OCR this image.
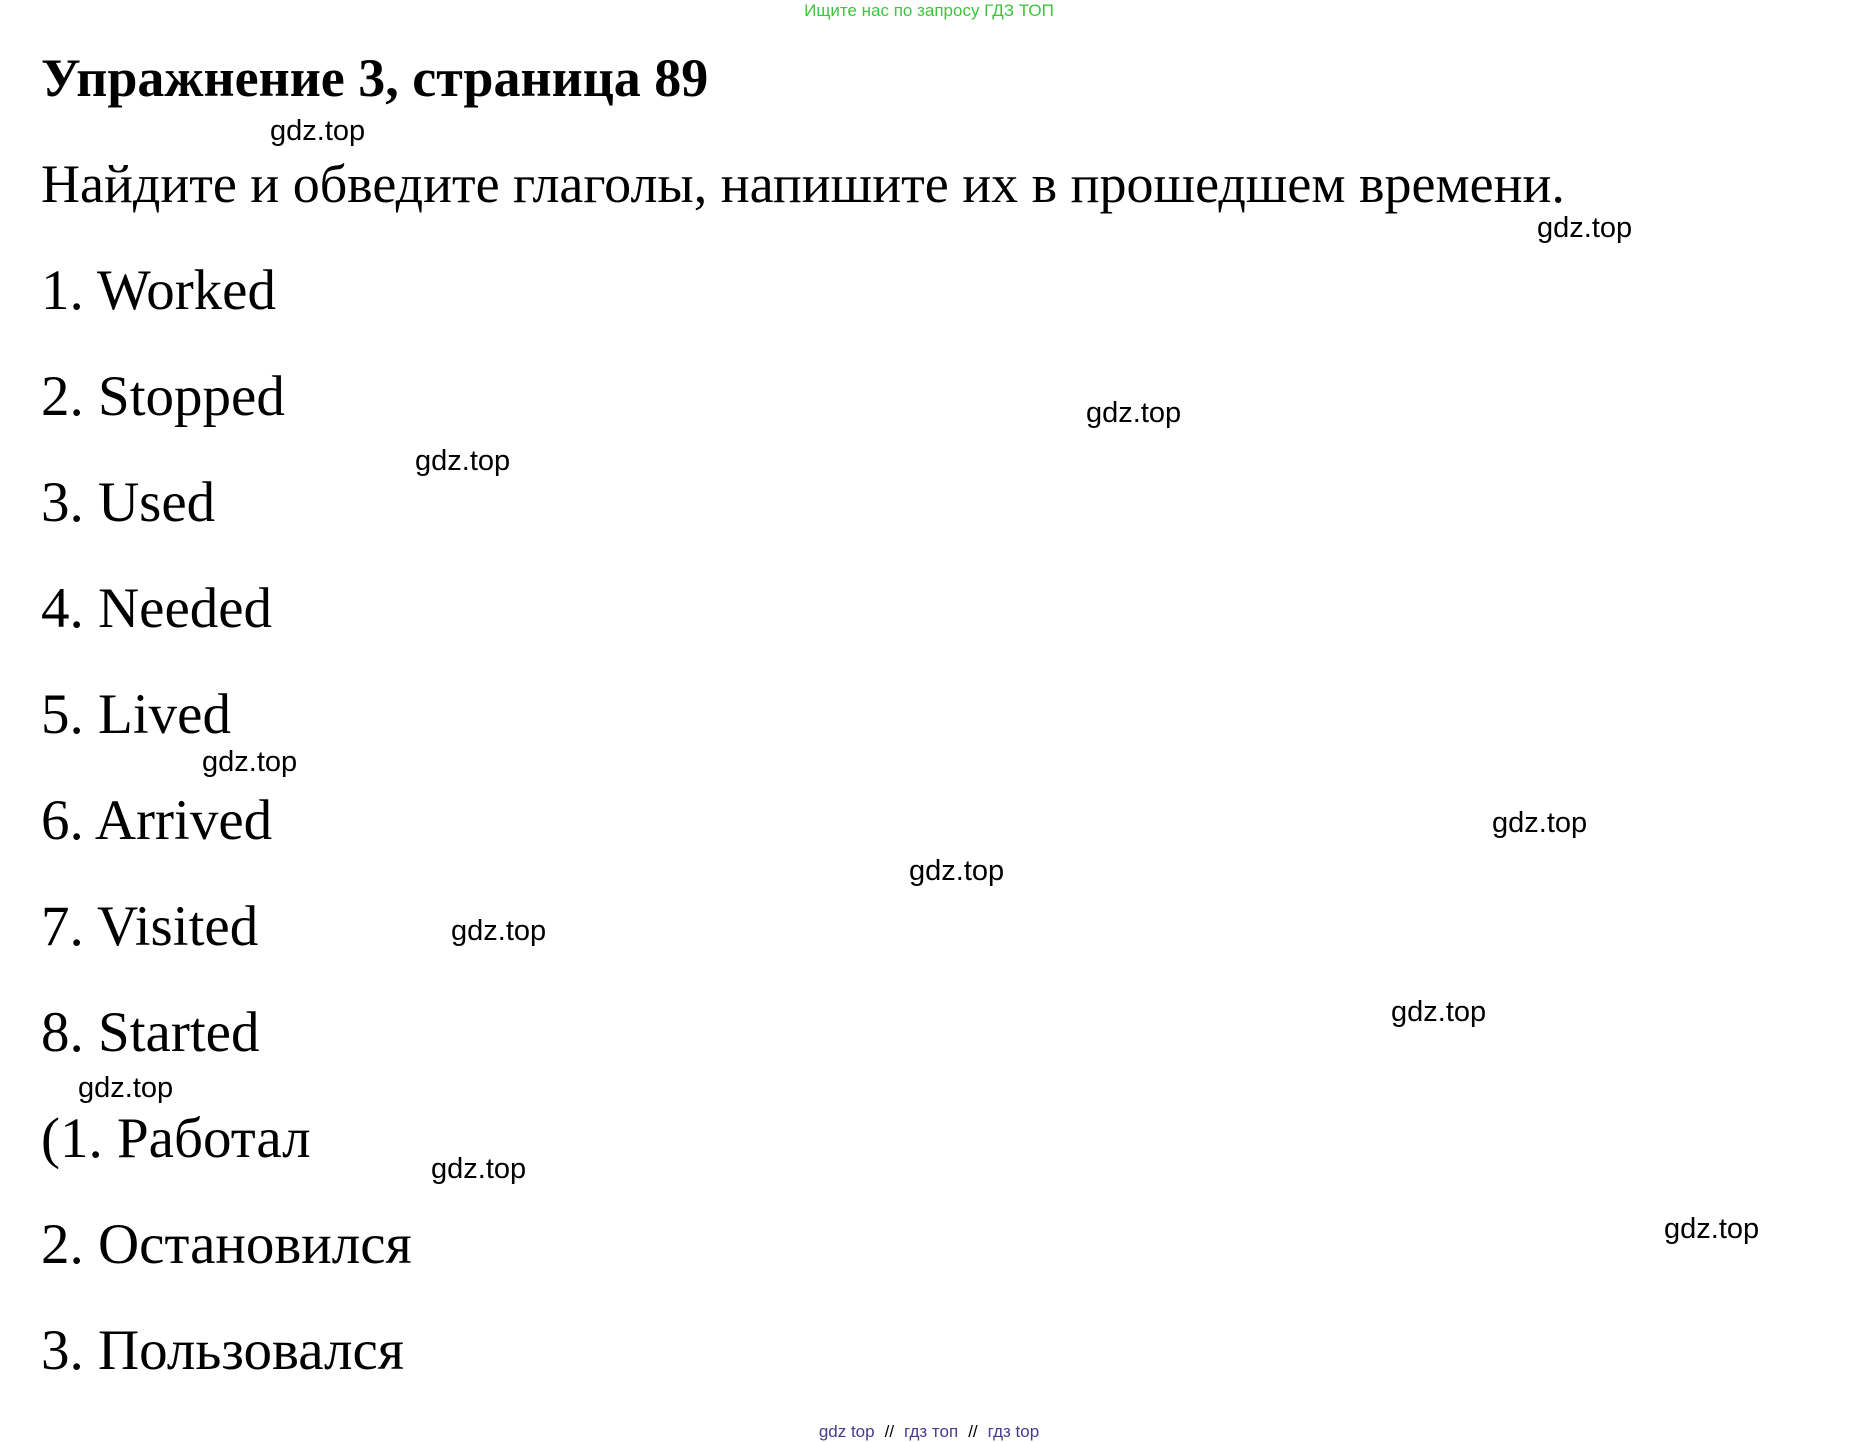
Ищите нас по запросу ГДЗ ТОП
Упражнение 3, страница 89

Найдите и обведите глаголы, напишите их в прошедшем времени.

1. Worked

2. Stopped

3. Used

4. Needed

5. Lived

6. Arrived

7. Visited

8. Started

(1. Работал

2. Остановился

3. Пользовался

gdz.top
gdz.top
gdz.top
gdz.top
gdz.top
gdz.top
gdz.top
gdz.top
gdz.top
gdz.top
gdz.top
gdz.top
gdz top // гдз топ // гдз top
